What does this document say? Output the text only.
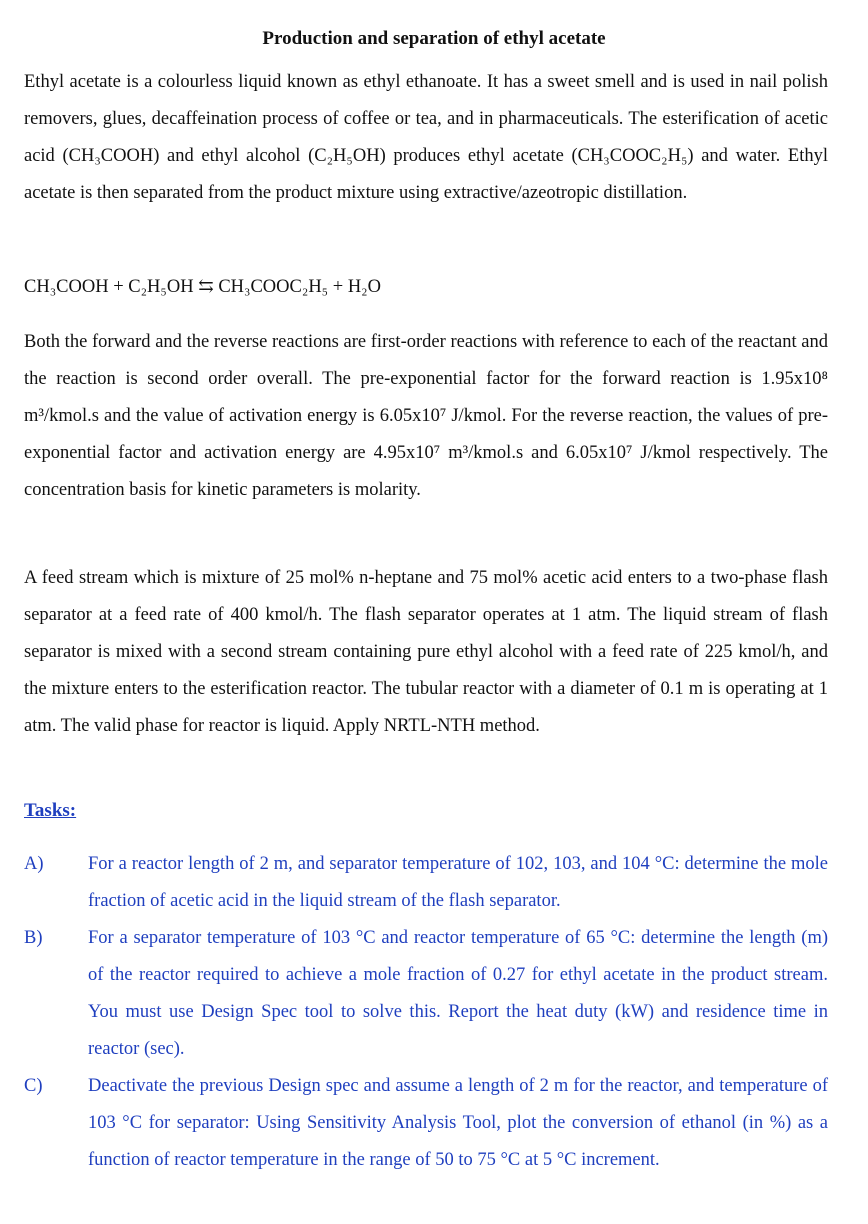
Production and separation of ethyl acetate
Ethyl acetate is a colourless liquid known as ethyl ethanoate. It has a sweet smell and is used in nail polish removers, glues, decaffeination process of coffee or tea, and in pharmaceuticals. The esterification of acetic acid (CH₃COOH) and ethyl alcohol (C₂H₅OH) produces ethyl acetate (CH₃COOC₂H₅) and water. Ethyl acetate is then separated from the product mixture using extractive/azeotropic distillation.
CH₃COOH + C₂H₅OH ⇆ CH₃COOC₂H₅ + H₂O
Both the forward and the reverse reactions are first-order reactions with reference to each of the reactant and the reaction is second order overall. The pre-exponential factor for the forward reaction is 1.95x10⁸ m³/kmol.s and the value of activation energy is 6.05x10⁷ J/kmol. For the reverse reaction, the values of pre-exponential factor and activation energy are 4.95x10⁷ m³/kmol.s and 6.05x10⁷ J/kmol respectively. The concentration basis for kinetic parameters is molarity.
A feed stream which is mixture of 25 mol% n-heptane and 75 mol% acetic acid enters to a two-phase flash separator at a feed rate of 400 kmol/h. The flash separator operates at 1 atm. The liquid stream of flash separator is mixed with a second stream containing pure ethyl alcohol with a feed rate of 225 kmol/h, and the mixture enters to the esterification reactor. The tubular reactor with a diameter of 0.1 m is operating at 1 atm. The valid phase for reactor is liquid. Apply NRTL-NTH method.
Tasks:
A) For a reactor length of 2 m, and separator temperature of 102, 103, and 104 °C: determine the mole fraction of acetic acid in the liquid stream of the flash separator.
B) For a separator temperature of 103 °C and reactor temperature of 65 °C: determine the length (m) of the reactor required to achieve a mole fraction of 0.27 for ethyl acetate in the product stream. You must use Design Spec tool to solve this. Report the heat duty (kW) and residence time in reactor (sec).
C) Deactivate the previous Design spec and assume a length of 2 m for the reactor, and temperature of 103 °C for separator: Using Sensitivity Analysis Tool, plot the conversion of ethanol (in %) as a function of reactor temperature in the range of 50 to 75 °C at 5 °C increment.
